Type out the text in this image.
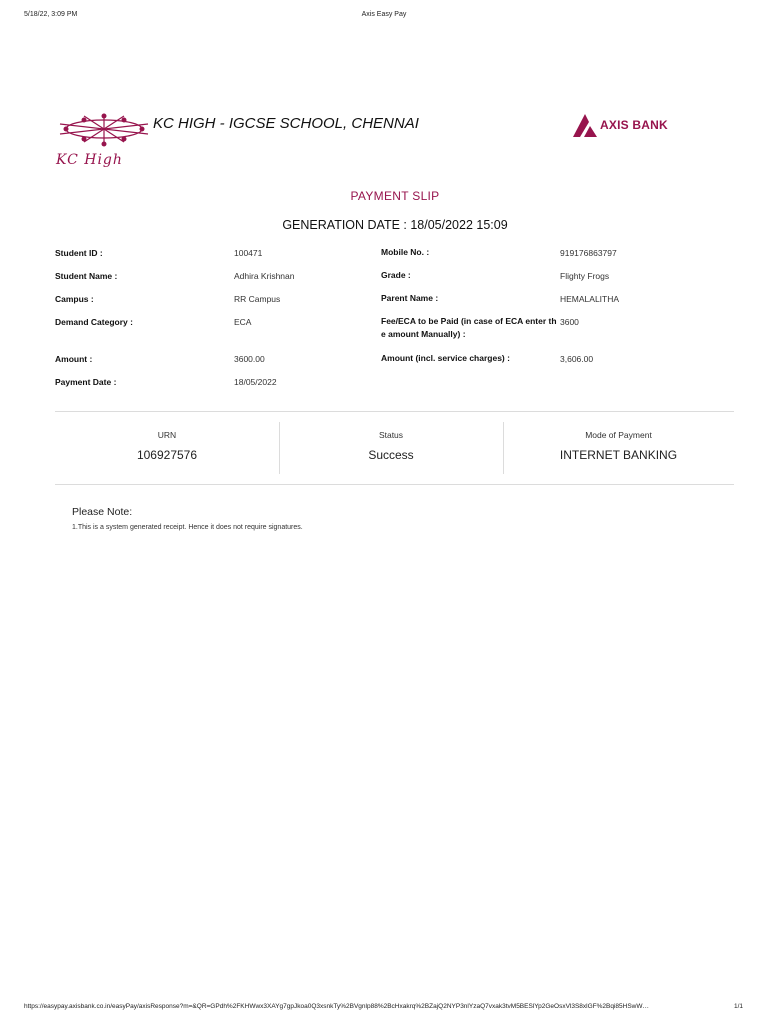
5/18/22, 3:09 PM	Axis Easy Pay
KC High
KC HIGH - IGCSE SCHOOL, CHENNAI	AXIS BANK
PAYMENT SLIP
GENERATION DATE : 18/05/2022 15:09
Student ID :	100471
Student Name :	Adhira Krishnan
Campus :	RR Campus
Demand Category :	ECA
Amount :	3600.00
Payment Date :	18/05/2022
Mobile No. :	919176863797
Grade :	Flighty Frogs
Parent Name :	HEMALALITHA
Fee/ECA to be Paid (in case of ECA enter the amount Manually) :
3600
Amount (incl. service charges) :	3,606.00
URN
106927576
Status
Success
Mode of Payment
INTERNET BANKING
Please Note:
1.This is a system generated receipt. Hence it does not require signatures.
https://easypay.axisbank.co.in/easyPay/axisResponse?m=&QR=GPdh%2FKHWwx3XAYg7gpJkoa0Q3xsnkTy%2BVgnlp88%2BcHxakrq%2BZajQ2NYP3nlYzaQ7vxak3tvM5BESlYp2GeOsxVl3S8xlGF%2Bqi85HSwW…	1/1
